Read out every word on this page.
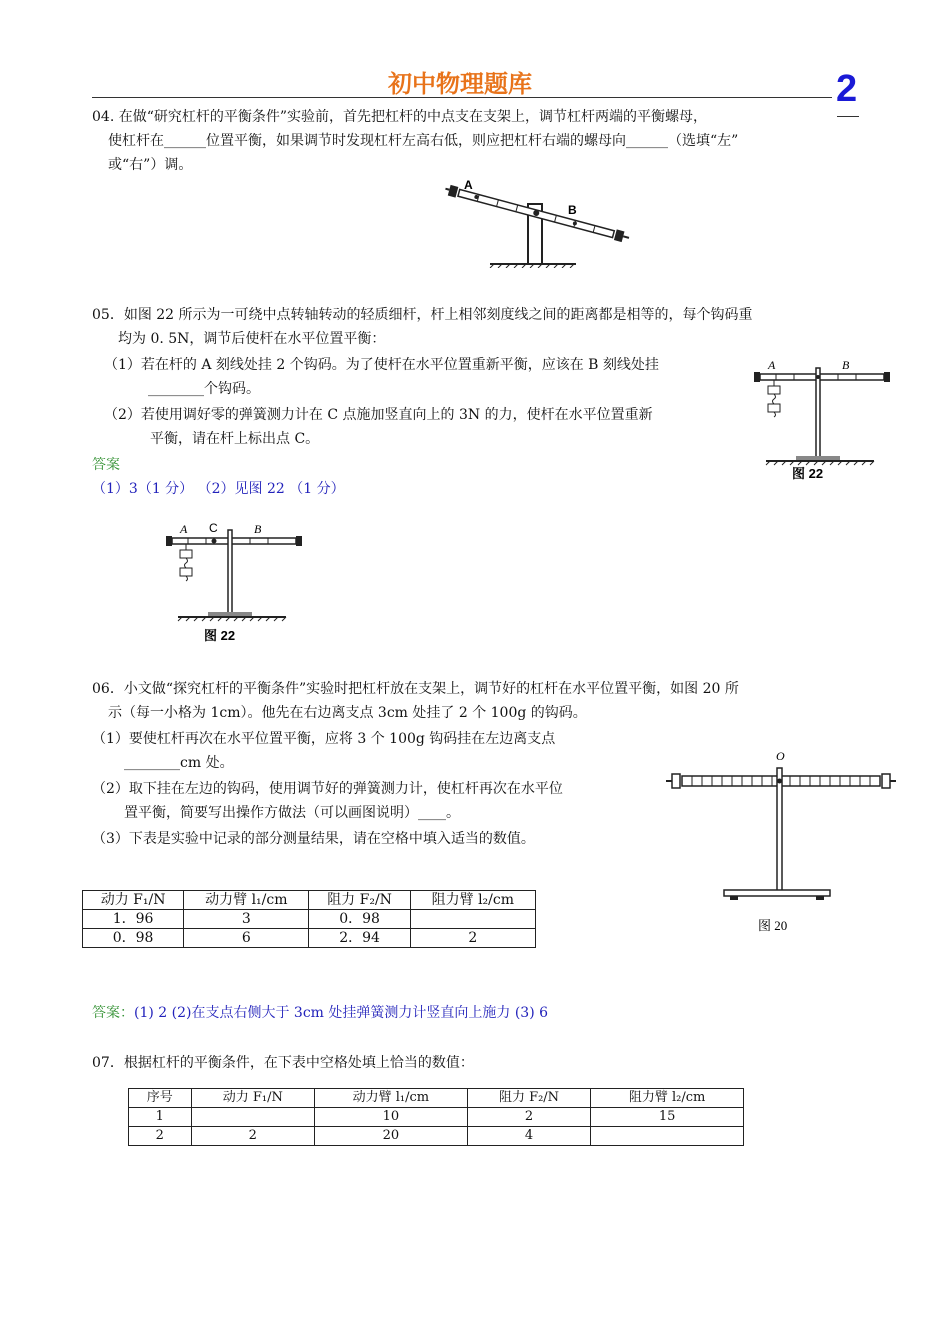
初中物理题库	2
04. 在做“研究杠杆的平衡条件”实验前，首先把杠杆的中点支在支架上，调节杠杆两端的平衡螺母，
使杠杆在______位置平衡，如果调节时发现杠杆左高右低，则应把杠杆右端的螺母向______（选填“左”
或“右”）调。
A
B
05．如图 22 所示为一可绕中点转轴转动的轻质细杆，杆上相邻刻度线之间的距离都是相等的，每个钩码重
均为 0. 5N，调节后使杆在水平位置平衡：
（1）若在杆的 A 刻线处挂 2 个钩码。为了使杆在水平位置重新平衡，应该在 B 刻线处挂
________个钩码。
（2）若使用调好零的弹簧测力计在 C 点施加竖直向上的 3N 的力，使杆在水平位置重新
平衡，请在杆上标出点 C。
A	B
图 22
答案
（1）3（1 分） （2）见图 22 （1 分）
A C	B
图 22
06．小文做“探究杠杆的平衡条件”实验时把杠杆放在支架上，调节好的杠杆在水平位置平衡，如图 20 所
示（每一小格为 1cm）。他先在右边离支点 3cm 处挂了 2 个 100g 的钩码。
（1）要使杠杆再次在水平位置平衡，应将 3 个 100g 钩码挂在左边离支点
________cm 处。
（2）取下挂在左边的钩码，使用调节好的弹簧测力计，使杠杆再次在水平位
置平衡，简要写出操作方做法（可以画图说明）____。
（3）下表是实验中记录的部分测量结果，请在空格中填入适当的数值。
O
图 20
动力 F₁/N	动力臂 l₁/cm	阻力 F₂/N	阻力臂 l₂/cm
1．96	3	0．98	
0．98	6	2．94	2
答案：(1) 2 (2)在支点右侧大于 3cm 处挂弹簧测力计竖直向上施力 (3) 6
07．根据杠杆的平衡条件，在下表中空格处填上恰当的数值：
序号	动力 F₁/N	动力臂 l₁/cm	阻力 F₂/N	阻力臂 l₂/cm
1		10	2	15
2	2	20	4	
